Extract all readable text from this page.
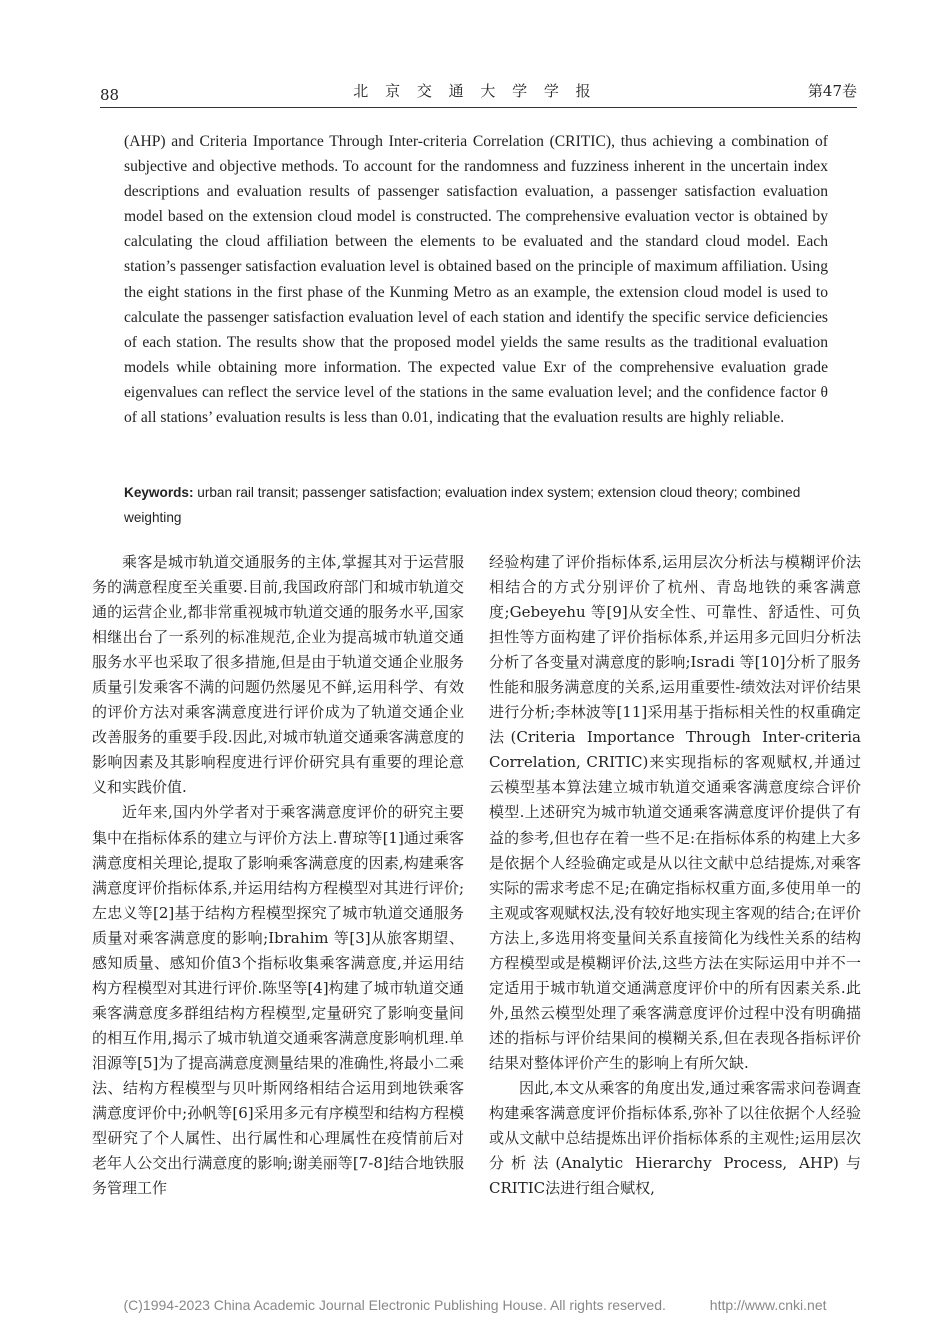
88	北 京 交 通 大 学 学 报	第47卷

(AHP) and Criteria Importance Through Inter-criteria Correlation (CRITIC), thus achieving a combination of subjective and objective methods. To account for the randomness and fuzziness inherent in the uncertain index descriptions and evaluation results of passenger satisfaction evaluation, a passenger satisfaction evaluation model based on the extension cloud model is constructed. The comprehensive evaluation vector is obtained by calculating the cloud affiliation between the elements to be evaluated and the standard cloud model. Each station’s passenger satisfaction evaluation level is obtained based on the principle of maximum affiliation. Using the eight stations in the first phase of the Kunming Metro as an example, the extension cloud model is used to calculate the passenger satisfaction evaluation level of each station and identify the specific service deficiencies of each station. The results show that the proposed model yields the same results as the traditional evaluation models while obtaining more information. The expected value Exr of the comprehensive evaluation grade eigenvalues can reflect the service level of the stations in the same evaluation level; and the confidence factor θ of all stations’ evaluation results is less than 0.01, indicating that the evaluation results are highly reliable.

Keywords: urban rail transit; passenger satisfaction; evaluation index system; extension cloud theory; combined weighting

乘客是城市轨道交通服务的主体,掌握其对于运营服务的满意程度至关重要.目前,我国政府部门和城市轨道交通的运营企业,都非常重视城市轨道交通的服务水平,国家相继出台了一系列的标准规范,企业为提高城市轨道交通服务水平也采取了很多措施,但是由于轨道交通企业服务质量引发乘客不满的问题仍然屡见不鲜,运用科学、有效的评价方法对乘客满意度进行评价成为了轨道交通企业改善服务的重要手段.因此,对城市轨道交通乘客满意度的影响因素及其影响程度进行评价研究具有重要的理论意义和实践价值.

近年来,国内外学者对于乘客满意度评价的研究主要集中在指标体系的建立与评价方法上.曹琼等[1]通过乘客满意度相关理论,提取了影响乘客满意度的因素,构建乘客满意度评价指标体系,并运用结构方程模型对其进行评价;左忠义等[2]基于结构方程模型探究了城市轨道交通服务质量对乘客满意度的影响;Ibrahim 等[3]从旅客期望、感知质量、感知价值3个指标收集乘客满意度,并运用结构方程模型对其进行评价.陈坚等[4]构建了城市轨道交通乘客满意度多群组结构方程模型,定量研究了影响变量间的相互作用,揭示了城市轨道交通乘客满意度影响机理.单泪源等[5]为了提高满意度测量结果的准确性,将最小二乘法、结构方程模型与贝叶斯网络相结合运用到地铁乘客满意度评价中;孙帆等[6]采用多元有序模型和结构方程模型研究了个人属性、出行属性和心理属性在疫情前后对老年人公交出行满意度的影响;谢美丽等[7-8]结合地铁服务管理工作

经验构建了评价指标体系,运用层次分析法与模糊评价法相结合的方式分别评价了杭州、青岛地铁的乘客满意度;Gebeyehu 等[9]从安全性、可靠性、舒适性、可负担性等方面构建了评价指标体系,并运用多元回归分析法分析了各变量对满意度的影响;Isradi 等[10]分析了服务性能和服务满意度的关系,运用重要性-绩效法对评价结果进行分析;李林波等[11]采用基于指标相关性的权重确定法(Criteria Importance Through Inter-criteria Correlation, CRITIC)来实现指标的客观赋权,并通过云模型基本算法建立城市轨道交通乘客满意度综合评价模型.上述研究为城市轨道交通乘客满意度评价提供了有益的参考,但也存在着一些不足:在指标体系的构建上大多是依据个人经验确定或是从以往文献中总结提炼,对乘客实际的需求考虑不足;在确定指标权重方面,多使用单一的主观或客观赋权法,没有较好地实现主客观的结合;在评价方法上,多选用将变量间关系直接简化为线性关系的结构方程模型或是模糊评价法,这些方法在实际运用中并不一定适用于城市轨道交通满意度评价中的所有因素关系.此外,虽然云模型处理了乘客满意度评价过程中没有明确描述的指标与评价结果间的模糊关系,但在表现各指标评价结果对整体评价产生的影响上有所欠缺.

因此,本文从乘客的角度出发,通过乘客需求问卷调查构建乘客满意度评价指标体系,弥补了以往依据个人经验或从文献中总结提炼出评价指标体系的主观性;运用层次分析法(Analytic Hierarchy Process, AHP)与CRITIC法进行组合赋权,

(C)1994-2023 China Academic Journal Electronic Publishing House. All rights reserved.	http://www.cnki.net
